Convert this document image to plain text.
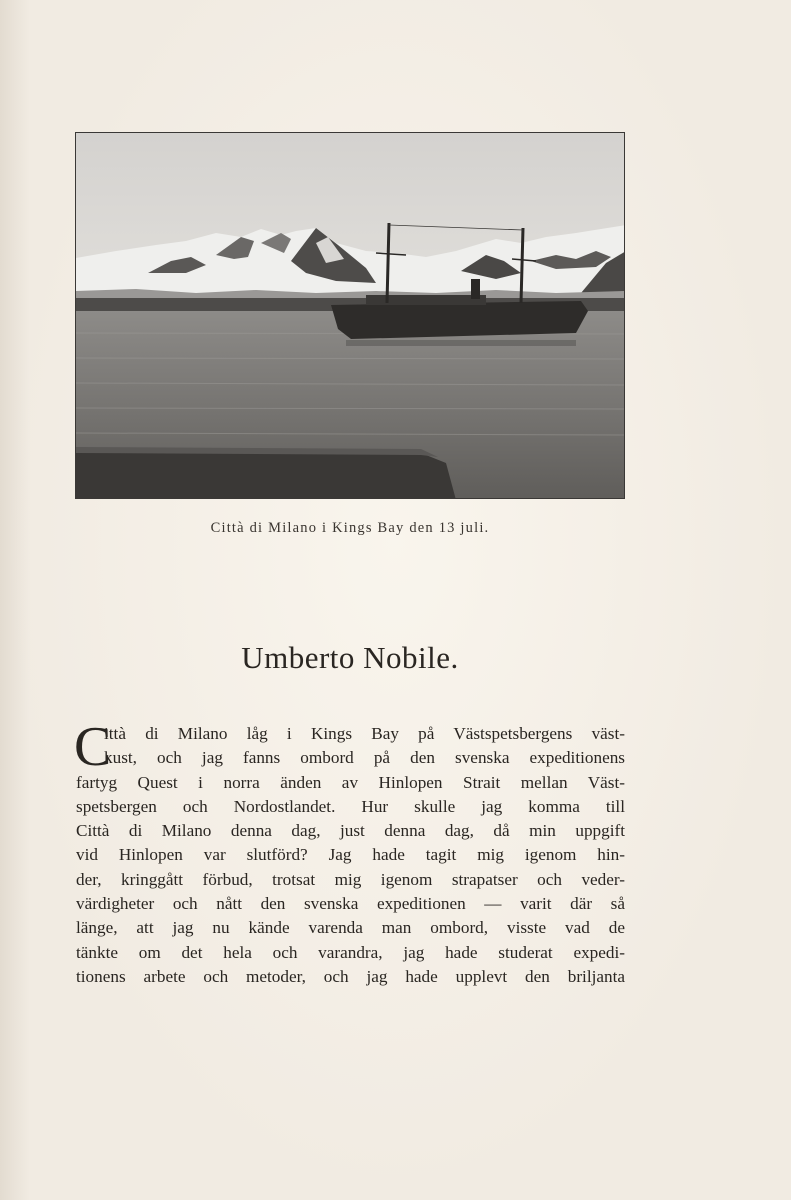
Città di Milano i Kings Bay den 13 juli.
Umberto Nobile.
C
ittà di Milano låg i Kings Bay på Västspetsbergens väst-
kust, och jag fanns ombord på den svenska expeditionens
fartyg Quest i norra änden av Hinlopen Strait mellan Väst-
spetsbergen och Nordostlandet. Hur skulle jag komma till
Città di Milano denna dag, just denna dag, då min uppgift
vid Hinlopen var slutförd? Jag hade tagit mig igenom hin-
der, kringgått förbud, trotsat mig igenom strapatser och veder-
värdigheter och nått den svenska expeditionen — varit där så
länge, att jag nu kände varenda man ombord, visste vad de
tänkte om det hela och varandra, jag hade studerat expedi-
tionens arbete och metoder, och jag hade upplevt den briljanta
